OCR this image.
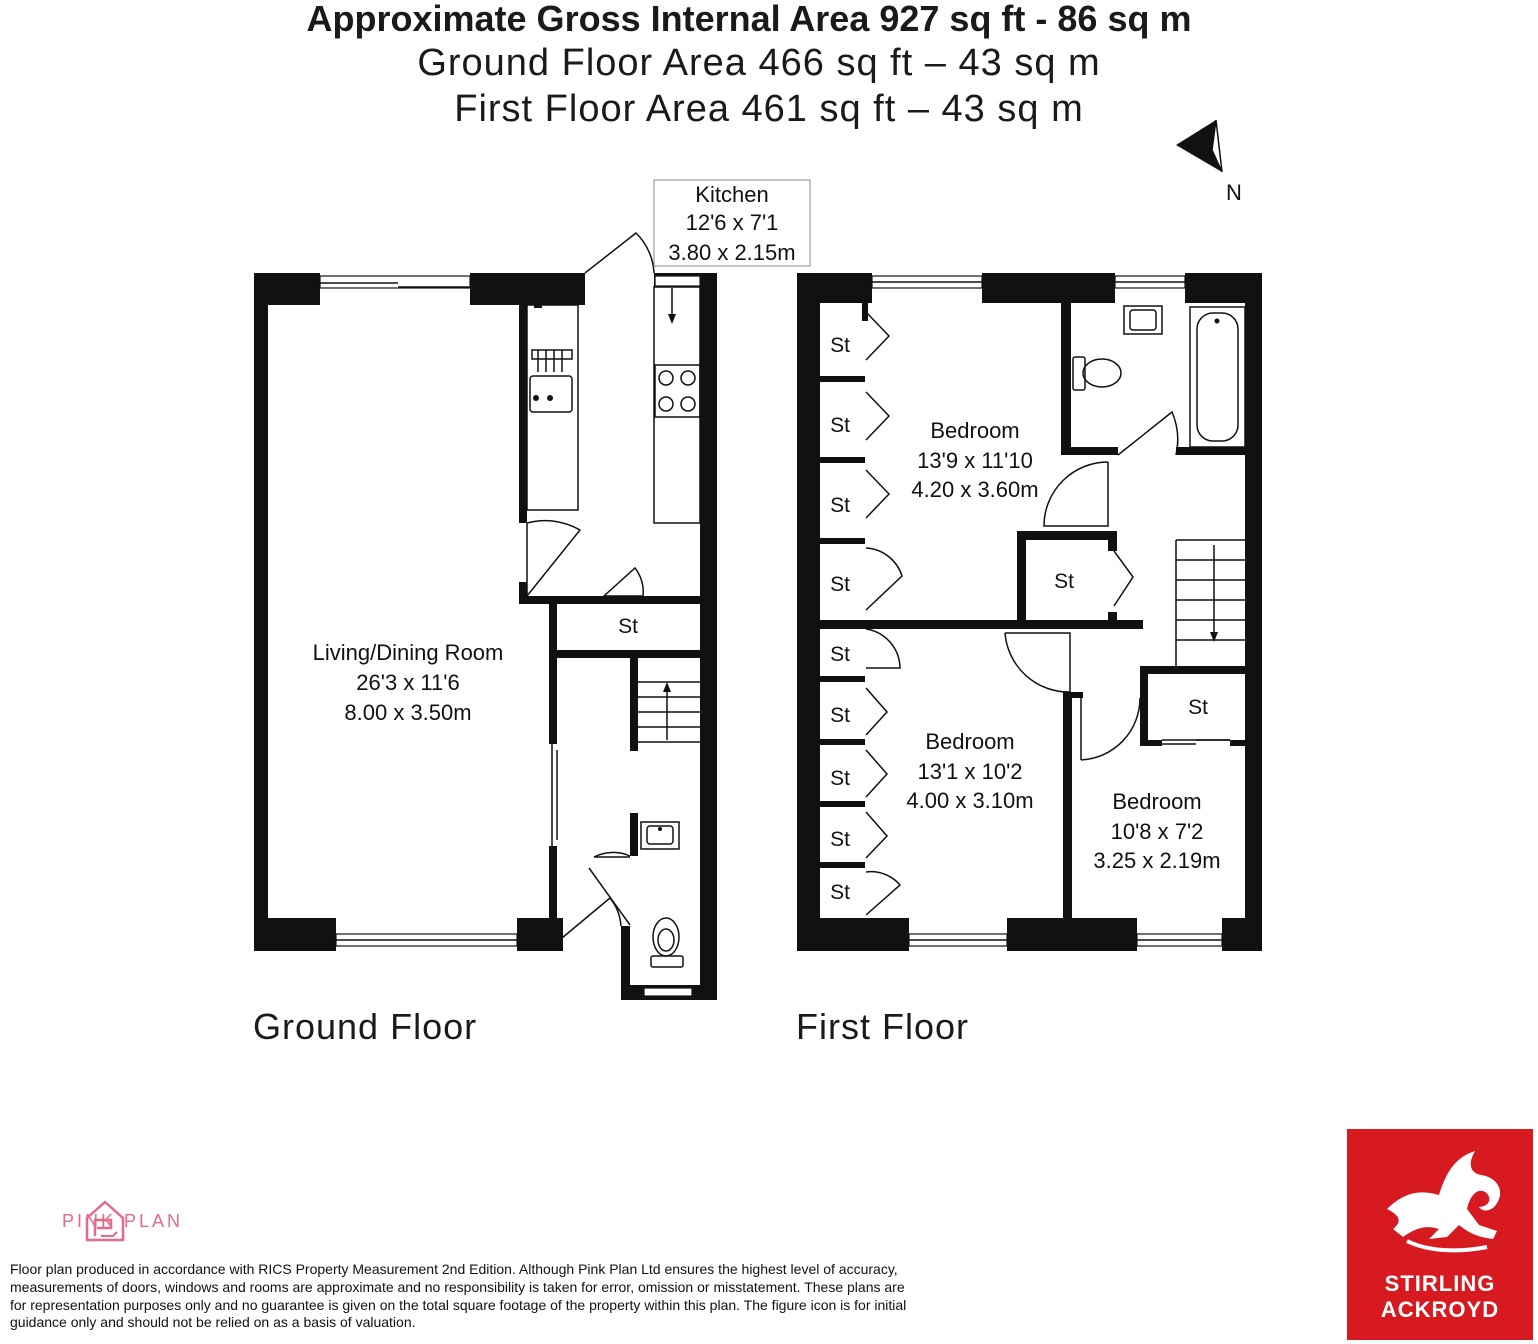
Approximate Gross Internal Area 927 sq ft - 86 sq m
Ground Floor Area 466 sq ft – 43 sq m
First Floor Area 461 sq ft – 43 sq m
N
Kitchen
12'6 x 7'1
3.80 x 2.15m
Living/Dining Room
26'3 x 11'6
8.00 x 3.50m
St
St
St
St
St
St
St
St
St
St
St
St
Bedroom
13'9 x 11'10
4.20 x 3.60m
Bedroom
13'1 x 10'2
4.00 x 3.10m	Bedroom
10'8 x 7'2
3.25 x 2.19m
Ground Floor	First Floor
PINK PLAN
Floor plan produced in accordance with RICS Property Measurement 2nd Edition. Although Pink Plan Ltd ensures the highest level of accuracy, measurements of doors, windows and rooms are approximate and no responsibility is taken for error, omission or misstatement. These plans are for representation purposes only and no guarantee is given on the total square footage of the property within this plan. The figure icon is for initial guidance only and should not be relied on as a basis of valuation.
STIRLING
ACKROYD
